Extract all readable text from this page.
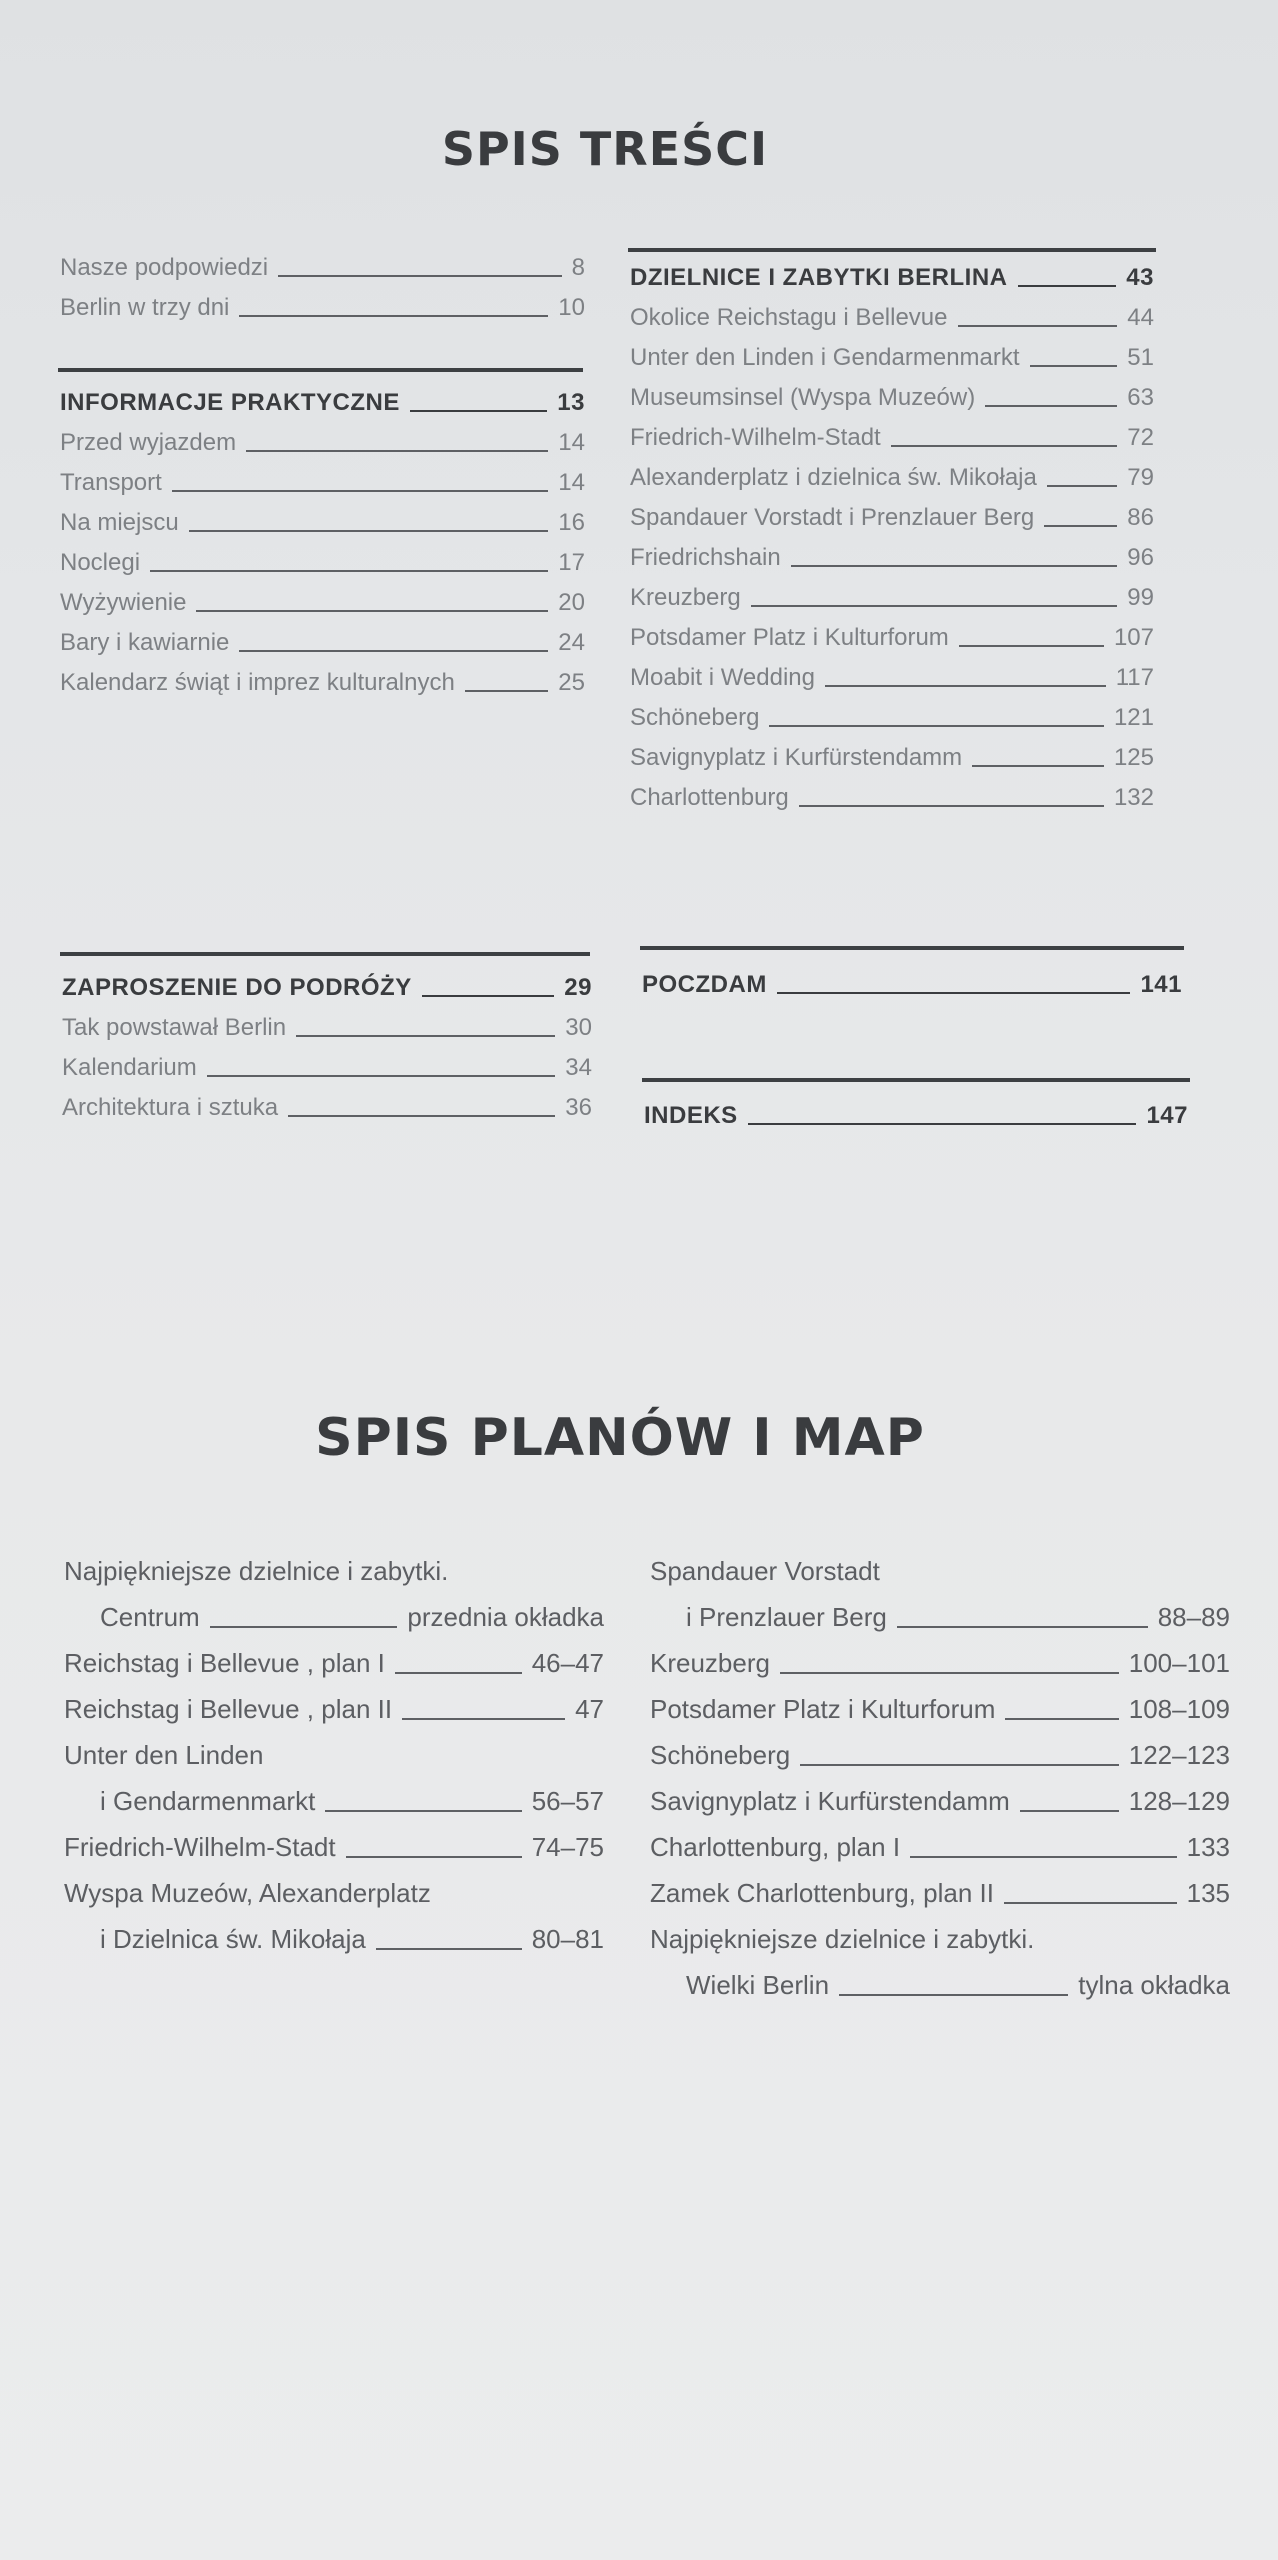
SPIS TREŚCI
Nasze podpowiedzi	8
Berlin w trzy dni	10
INFORMACJE PRAKTYCZNE	13
Przed wyjazdem	14
Transport	14
Na miejscu	16
Noclegi	17
Wyżywienie	20
Bary i kawiarnie	24
Kalendarz świąt i imprez kulturalnych	25
ZAPROSZENIE DO PODRÓŻY	29
Tak powstawał Berlin	30
Kalendarium	34
Architektura i sztuka	36
DZIELNICE I ZABYTKI BERLINA	43
Okolice Reichstagu i Bellevue	44
Unter den Linden i Gendarmenmarkt	51
Museumsinsel (Wyspa Muzeów)	63
Friedrich-Wilhelm-Stadt	72
Alexanderplatz i dzielnica św. Mikołaja	79
Spandauer Vorstadt i Prenzlauer Berg	86
Friedrichshain	96
Kreuzberg	99
Potsdamer Platz i Kulturforum	107
Moabit i Wedding	117
Schöneberg	121
Savignyplatz i Kurfürstendamm	125
Charlottenburg	132
POCZDAM	141
INDEKS	147
SPIS PLANÓW I MAP
Najpiękniejsze dzielnice i zabytki.
Centrum	przednia okładka
Reichstag i Bellevue , plan I	46–47
Reichstag i Bellevue , plan II	47
Unter den Linden
i Gendarmenmarkt	56–57
Friedrich-Wilhelm-Stadt	74–75
Wyspa Muzeów, Alexanderplatz
i Dzielnica św. Mikołaja	80–81
Spandauer Vorstadt
i Prenzlauer Berg	88–89
Kreuzberg	100–101
Potsdamer Platz i Kulturforum	108–109
Schöneberg	122–123
Savignyplatz i Kurfürstendamm	128–129
Charlottenburg, plan I	133
Zamek Charlottenburg, plan II	135
Najpiękniejsze dzielnice i zabytki.
Wielki Berlin	tylna okładka
